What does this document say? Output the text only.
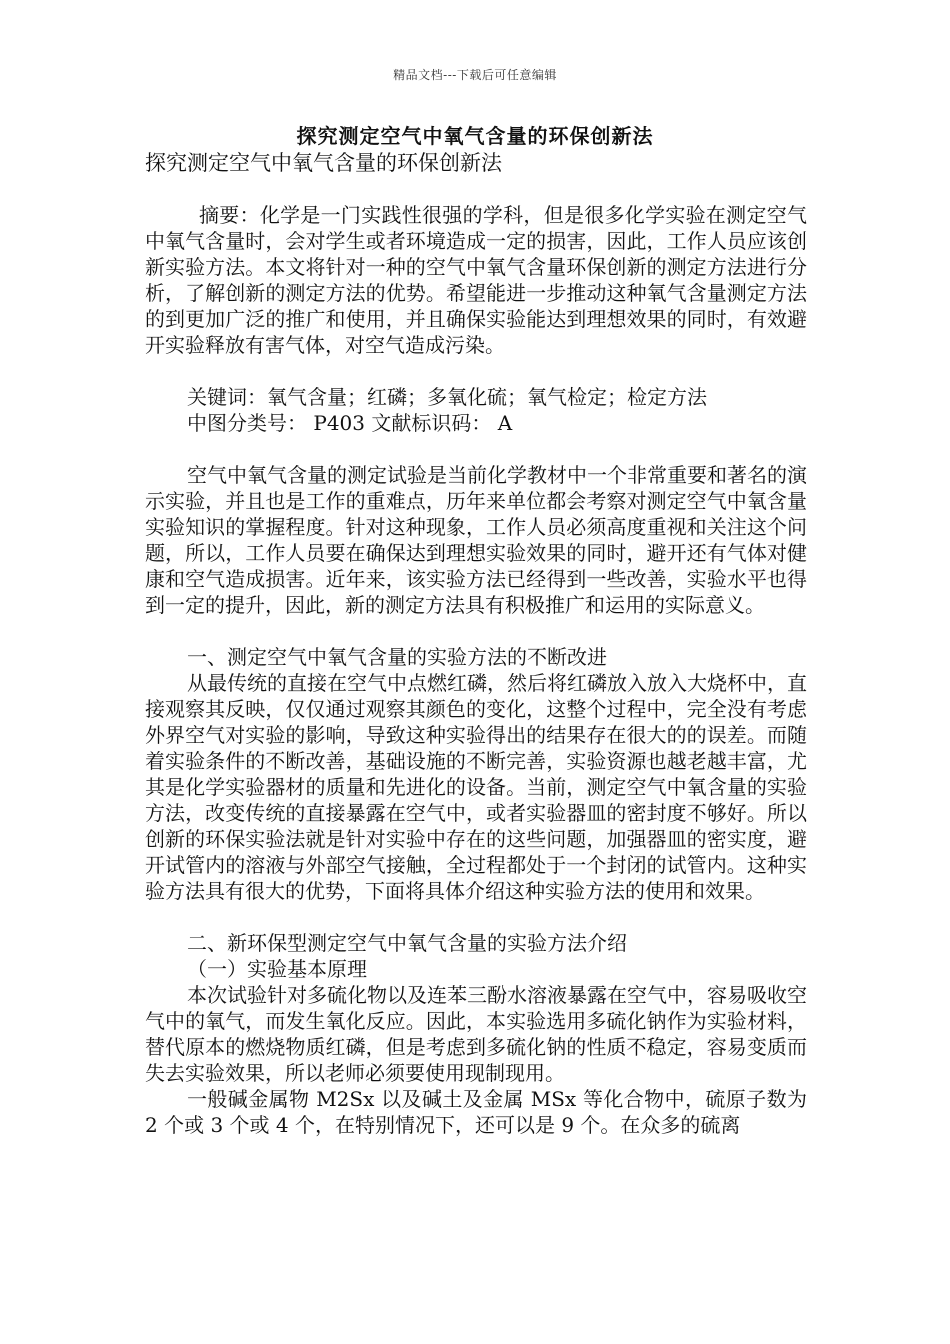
精品文档---下载后可任意编辑
探究测定空气中氧气含量的环保创新法

探究测定空气中氧气含量的环保创新法

摘要：化学是一门实践性很强的学科，但是很多化学实验在测定空气中氧气含量时，会对学生或者环境造成一定的损害，因此，工作人员应该创新实验方法。本文将针对一种的空气中氧气含量环保创新的测定方法进行分析，了解创新的测定方法的优势。希望能进一步推动这种氧气含量测定方法的到更加广泛的推广和使用，并且确保实验能达到理想效果的同时，有效避开实验释放有害气体，对空气造成污染。

关键词：氧气含量；红磷；多氧化硫；氧气检定；检定方法

中图分类号： P403 文献标识码： A

空气中氧气含量的测定试验是当前化学教材中一个非常重要和著名的演示实验，并且也是工作的重难点，历年来单位都会考察对测定空气中氧含量实验知识的掌握程度。针对这种现象，工作人员必须高度重视和关注这个问题，所以，工作人员要在确保达到理想实验效果的同时，避开还有气体对健康和空气造成损害。近年来，该实验方法已经得到一些改善，实验水平也得到一定的提升，因此，新的测定方法具有积极推广和运用的实际意义。

一、测定空气中氧气含量的实验方法的不断改进

从最传统的直接在空气中点燃红磷，然后将红磷放入放入大烧杯中，直接观察其反映，仅仅通过观察其颜色的变化，这整个过程中，完全没有考虑外界空气对实验的影响，导致这种实验得出的结果存在很大的的误差。而随着实验条件的不断改善，基础设施的不断完善，实验资源也越老越丰富，尤其是化学实验器材的质量和先进化的设备。当前，测定空气中氧含量的实验方法，改变传统的直接暴露在空气中，或者实验器皿的密封度不够好。所以创新的环保实验法就是针对实验中存在的这些问题，加强器皿的密实度，避开试管内的溶液与外部空气接触，全过程都处于一个封闭的试管内。这种实验方法具有很大的优势，下面将具体介绍这种实验方法的使用和效果。

二、新环保型测定空气中氧气含量的实验方法介绍

（一）实验基本原理

本次试验针对多硫化物以及连苯三酚水溶液暴露在空气中，容易吸收空气中的氧气，而发生氧化反应。因此，本实验选用多硫化钠作为实验材料，替代原本的燃烧物质红磷，但是考虑到多硫化钠的性质不稳定，容易变质而失去实验效果，所以老师必须要使用现制现用。

一般碱金属物 M2Sx 以及碱土及金属 MSx 等化合物中，硫原子数为 2 个或 3 个或 4 个，在特别情况下，还可以是 9 个。在众多的硫离
